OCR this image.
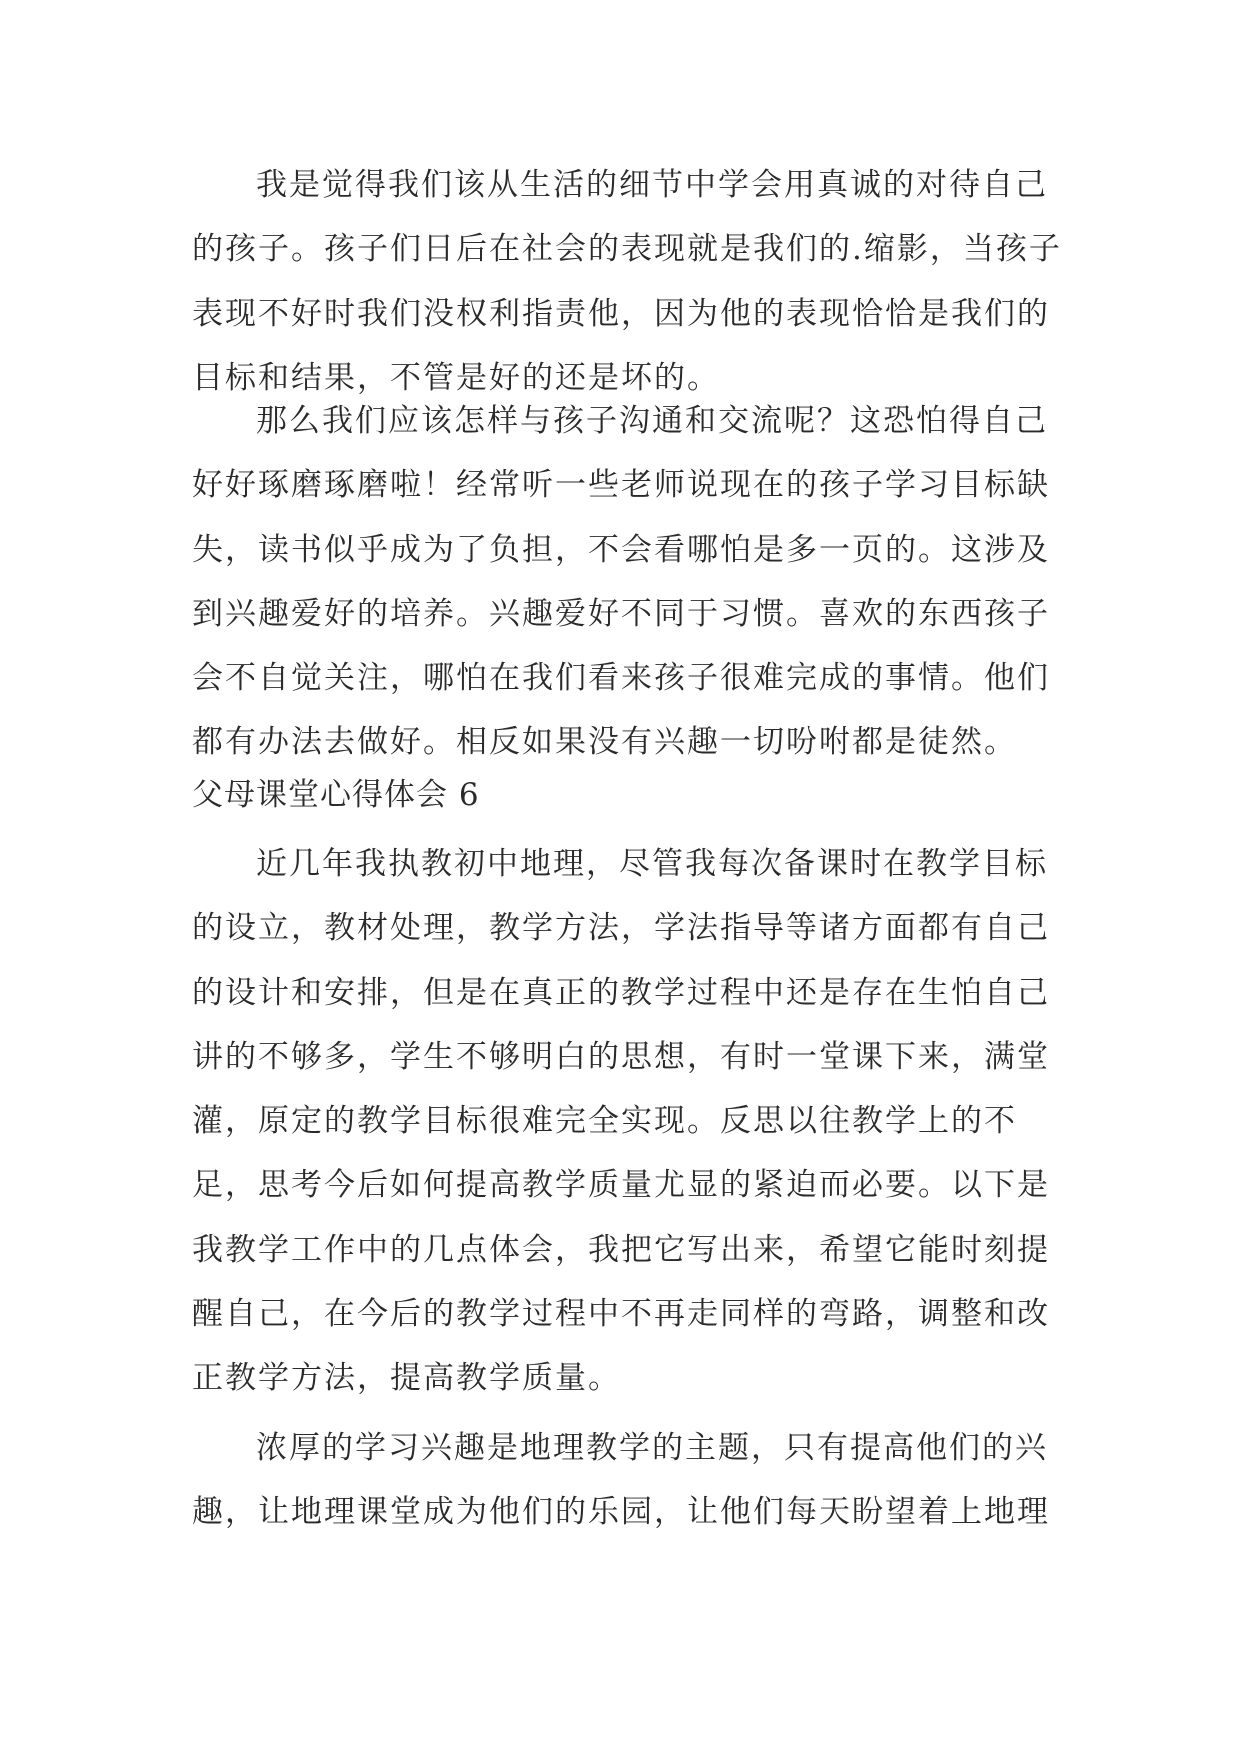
我是觉得我们该从生活的细节中学会用真诚的对待自己的孩子。孩子们日后在社会的表现就是我们的.缩影，当孩子表现不好时我们没权利指责他，因为他的表现恰恰是我们的目标和结果，不管是好的还是坏的。

那么我们应该怎样与孩子沟通和交流呢？这恐怕得自己好好琢磨琢磨啦！经常听一些老师说现在的孩子学习目标缺失，读书似乎成为了负担，不会看哪怕是多一页的。这涉及到兴趣爱好的培养。兴趣爱好不同于习惯。喜欢的东西孩子会不自觉关注，哪怕在我们看来孩子很难完成的事情。他们都有办法去做好。相反如果没有兴趣一切吩咐都是徒然。

父母课堂心得体会 6

近几年我执教初中地理，尽管我每次备课时在教学目标的设立，教材处理，教学方法，学法指导等诸方面都有自己的设计和安排，但是在真正的教学过程中还是存在生怕自己讲的不够多，学生不够明白的思想，有时一堂课下来，满堂灌，原定的教学目标很难完全实现。反思以往教学上的不足，思考今后如何提高教学质量尤显的紧迫而必要。以下是我教学工作中的几点体会，我把它写出来，希望它能时刻提醒自己，在今后的教学过程中不再走同样的弯路，调整和改正教学方法，提高教学质量。

浓厚的学习兴趣是地理教学的主题，只有提高他们的兴趣，让地理课堂成为他们的乐园，让他们每天盼望着上地理
